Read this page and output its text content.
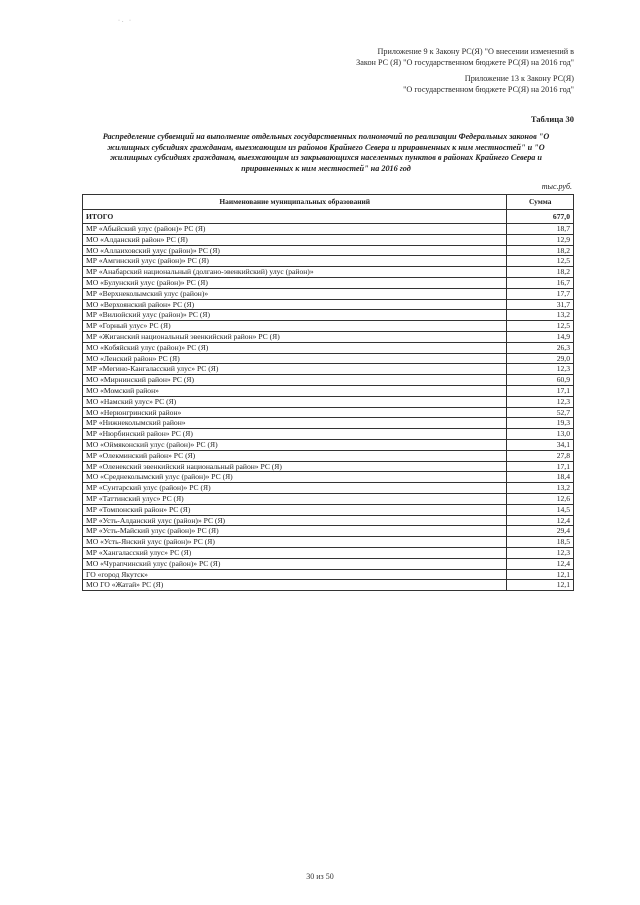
·. ·
Приложение 9 к Закону РС(Я) "О внесении изменений в
Закон РС (Я) "О государственном бюджете РС(Я) на 2016 год"
Приложение 13 к Закону РС(Я)
"О государственном бюджете РС(Я) на 2016 год"
Таблица 30
Распределение субвенций на выполнение отдельных государственных полномочий по реализации Федеральных законов "О жилищных субсидиях гражданам, выезжающим из районов Крайнего Севера и приравненных к ним местностей" и "О жилищных субсидиях гражданам, выезжающим из закрывающихся населенных пунктов в районах Крайнего Севера и приравненных к ним местностей" на 2016 год
тыс.руб.
Наименование муниципальных образований	Сумма
ИТОГО	677,0
МР «Абыйский улус (район)» РС (Я)	18,7
МО «Алданский район» РС (Я)	12,9
МО «Аллаиховский улус (район)» РС (Я)	18,2
МР «Амгинский улус (район)» РС (Я)	12,5
МР «Анабарский национальный (долгано-эвенкийский) улус (район)»	18,2
МО «Булунский улус (район)» РС (Я)	16,7
МР «Верхнеколымский улус (район)»	17,7
МО «Верхоянский район» РС (Я)	31,7
МР «Вилюйский улус (район)» РС (Я)	13,2
МР «Горный улус» РС (Я)	12,5
МР «Жиганский национальный эвенкийский район» РС (Я)	14,9
МО «Кобяйский улус (район)» РС (Я)	26,3
МО «Ленский район» РС (Я)	29,0
МР «Мегино-Кангаласский улус» РС (Я)	12,3
МО «Мирнинский район» РС (Я)	60,9
МО «Момский район»	17,1
МО «Намский улус» РС (Я)	12,3
МО «Нерюнгринский район»	52,7
МР «Нижнеколымский район»	19,3
МР «Нюрбинский район» РС (Я)	13,0
МО «Оймяконский улус (район)» РС (Я)	34,1
МР «Олекминский район» РС (Я)	27,8
МР «Оленекский эвенкийский национальный район» РС (Я)	17,1
МО «Среднеколымский улус (район)» РС (Я)	18,4
МР «Сунтарский улус (район)» РС (Я)	13,2
МР «Таттинский улус» РС (Я)	12,6
МР «Томпонский район» РС (Я)	14,5
МР «Усть-Алданский улус (район)» РС (Я)	12,4
МР «Усть-Майский улус (район)» РС (Я)	29,4
МО «Усть-Янский улус (район)» РС (Я)	18,5
МР «Хангаласский улус» РС (Я)	12,3
МО «Чурапчинский улус (район)» РС (Я)	12,4
ГО «город Якутск»	12,1
МО ГО «Жатай» РС (Я)	12,1
30 из 50
